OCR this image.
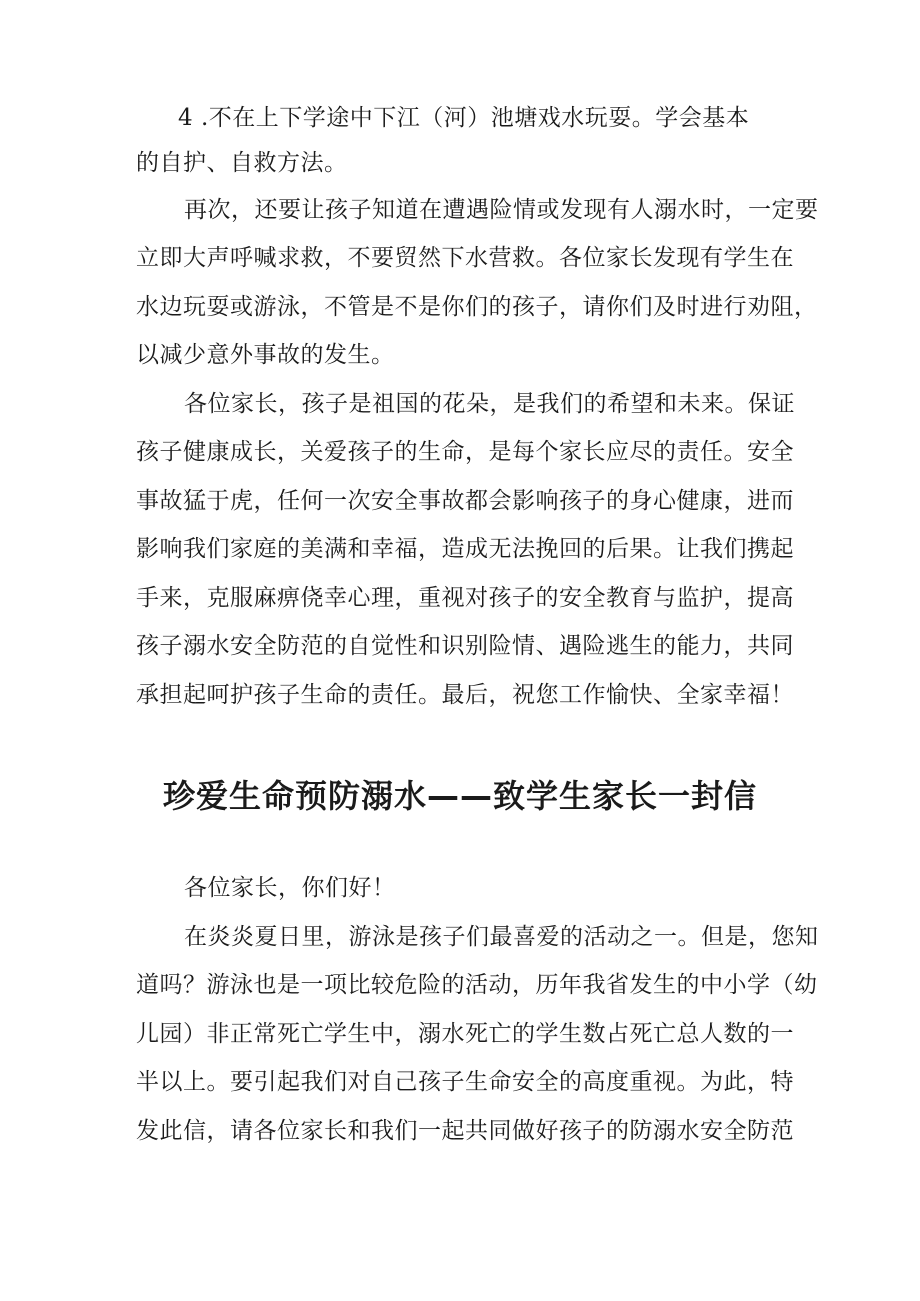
4 .不在上下学途中下江（河）池塘戏水玩耍。学会基本
的自护、自救方法。
再次，还要让孩子知道在遭遇险情或发现有人溺水时，一定要
立即大声呼喊求救，不要贸然下水营救。各位家长发现有学生在
水边玩耍或游泳，不管是不是你们的孩子，请你们及时进行劝阻，
以减少意外事故的发生。
各位家长，孩子是祖国的花朵，是我们的希望和未来。保证
孩子健康成长，关爱孩子的生命，是每个家长应尽的责任。安全
事故猛于虎，任何一次安全事故都会影响孩子的身心健康，进而
影响我们家庭的美满和幸福，造成无法挽回的后果。让我们携起
手来，克服麻痹侥幸心理，重视对孩子的安全教育与监护，提高
孩子溺水安全防范的自觉性和识别险情、遇险逃生的能力，共同
承担起呵护孩子生命的责任。最后，祝您工作愉快、全家幸福！
珍爱生命预防溺水——致学生家长一封信
各位家长，你们好！
在炎炎夏日里，游泳是孩子们最喜爱的活动之一。但是，您知
道吗？游泳也是一项比较危险的活动，历年我省发生的中小学（幼
儿园）非正常死亡学生中，溺水死亡的学生数占死亡总人数的一
半以上。要引起我们对自己孩子生命安全的高度重视。为此，特
发此信，请各位家长和我们一起共同做好孩子的防溺水安全防范
